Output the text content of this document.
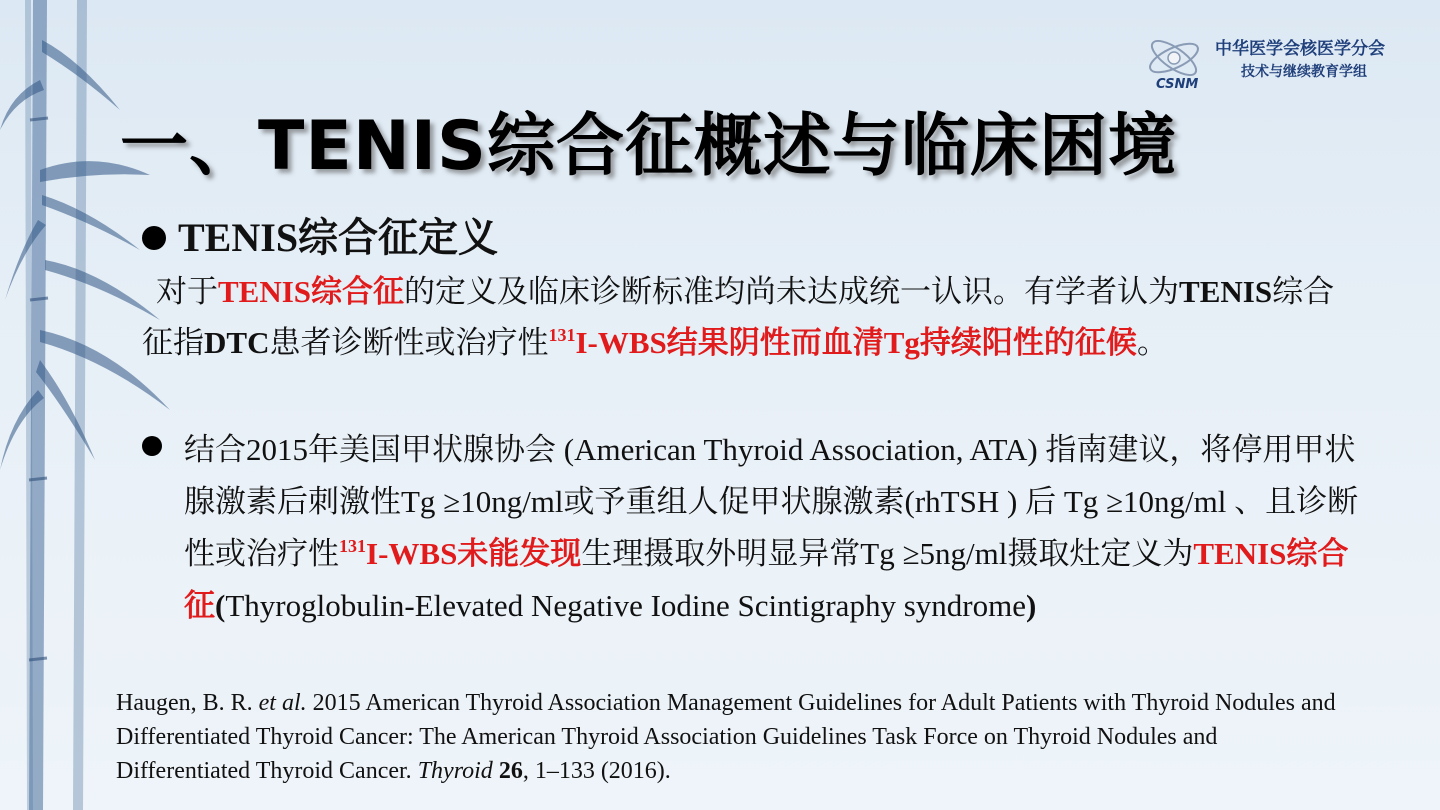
CSNM
中华医学会核医学分会
技术与继续教育学组
一、TENIS综合征概述与临床困境
TENIS综合征定义
对于TENIS综合征的定义及临床诊断标准均尚未达成统一认识。有学者认为TENIS综合征指DTC患者诊断性或治疗性$^{131}$I-WBS结果阴性而血清Tg持续阳性的征候。
结合2015年美国甲状腺协会 (American Thyroid Association, ATA) 指南建议，将停用甲状腺激素后刺激性Tg ≥10ng/ml或予重组人促甲状腺激素(rhTSH ) 后 Tg ≥10ng/ml 、且诊断性或治疗性$^{131}$I-WBS未能发现生理摄取外明显异常Tg ≥5ng/ml摄取灶定义为TENIS综合征(Thyroglobulin-Elevated Negative Iodine Scintigraphy syndrome)
Haugen, B. R. et al. 2015 American Thyroid Association Management Guidelines for Adult Patients with Thyroid Nodules and Differentiated Thyroid Cancer: The American Thyroid Association Guidelines Task Force on Thyroid Nodules and Differentiated Thyroid Cancer. Thyroid 26, 1–133 (2016).
